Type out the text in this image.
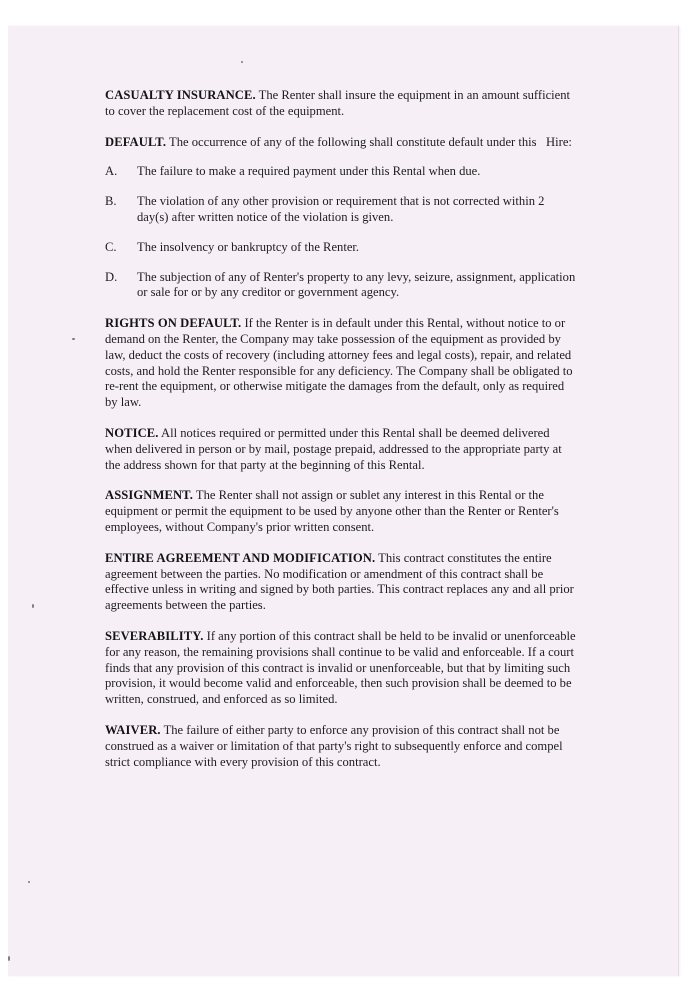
CASUALTY INSURANCE. The Renter shall insure the equipment in an amount sufficient to cover the replacement cost of the equipment.

DEFAULT. The occurrence of any of the following shall constitute default under this   Hire:

A.	The failure to make a required payment under this Rental when due.
B.	The violation of any other provision or requirement that is not corrected within 2 day(s) after written notice of the violation is given.
C.	The insolvency or bankruptcy of the Renter.
D.	The subjection of any of Renter's property to any levy, seizure, assignment, application or sale for or by any creditor or government agency.

RIGHTS ON DEFAULT. If the Renter is in default under this Rental, without notice to or demand on the Renter, the Company may take possession of the equipment as provided by law, deduct the costs of recovery (including attorney fees and legal costs), repair, and related costs, and hold the Renter responsible for any deficiency. The Company shall be obligated to re-rent the equipment, or otherwise mitigate the damages from the default, only as required by law.

NOTICE. All notices required or permitted under this Rental shall be deemed delivered when delivered in person or by mail, postage prepaid, addressed to the appropriate party at the address shown for that party at the beginning of this Rental.

ASSIGNMENT. The Renter shall not assign or sublet any interest in this Rental or the equipment or permit the equipment to be used by anyone other than the Renter or Renter's employees, without Company's prior written consent.

ENTIRE AGREEMENT AND MODIFICATION. This contract constitutes the entire agreement between the parties. No modification or amendment of this contract shall be effective unless in writing and signed by both parties. This contract replaces any and all prior agreements between the parties.

SEVERABILITY. If any portion of this contract shall be held to be invalid or unenforceable for any reason, the remaining provisions shall continue to be valid and enforceable. If a court finds that any provision of this contract is invalid or unenforceable, but that by limiting such provision, it would become valid and enforceable, then such provision shall be deemed to be written, construed, and enforced as so limited.

WAIVER. The failure of either party to enforce any provision of this contract shall not be construed as a waiver or limitation of that party's right to subsequently enforce and compel strict compliance with every provision of this contract.
